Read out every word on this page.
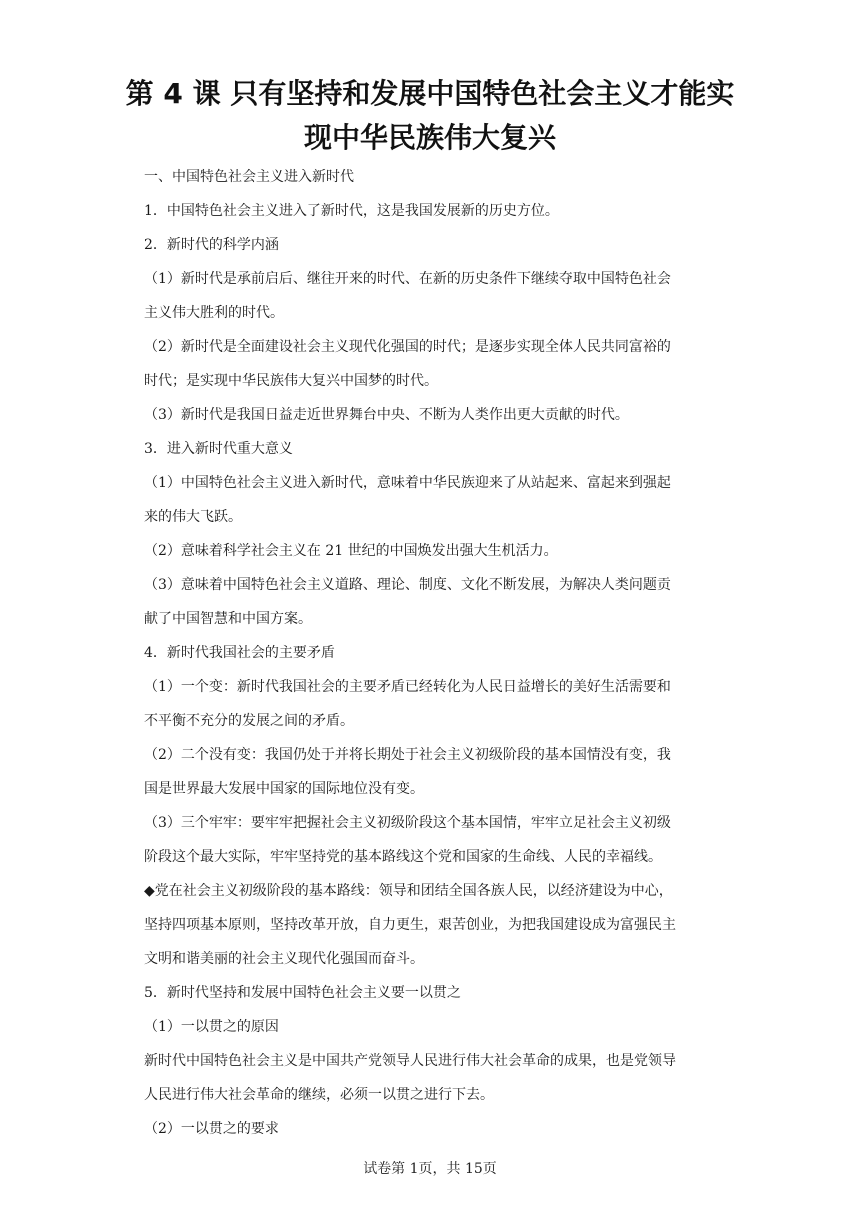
第 4 课 只有坚持和发展中国特色社会主义才能实
现中华民族伟大复兴
一、中国特色社会主义进入新时代
1．中国特色社会主义进入了新时代，这是我国发展新的历史方位。
2．新时代的科学内涵
（1）新时代是承前启后、继往开来的时代、在新的历史条件下继续夺取中国特色社会
主义伟大胜利的时代。
（2）新时代是全面建设社会主义现代化强国的时代；是逐步实现全体人民共同富裕的
时代；是实现中华民族伟大复兴中国梦的时代。
（3）新时代是我国日益走近世界舞台中央、不断为人类作出更大贡献的时代。
3．进入新时代重大意义
（1）中国特色社会主义进入新时代，意味着中华民族迎来了从站起来、富起来到强起
来的伟大飞跃。
（2）意味着科学社会主义在 21 世纪的中国焕发出强大生机活力。
（3）意味着中国特色社会主义道路、理论、制度、文化不断发展，为解决人类问题贡
献了中国智慧和中国方案。
4．新时代我国社会的主要矛盾
（1）一个变：新时代我国社会的主要矛盾已经转化为人民日益增长的美好生活需要和
不平衡不充分的发展之间的矛盾。
（2）二个没有变：我国仍处于并将长期处于社会主义初级阶段的基本国情没有变，我
国是世界最大发展中国家的国际地位没有变。
（3）三个牢牢：要牢牢把握社会主义初级阶段这个基本国情，牢牢立足社会主义初级
阶段这个最大实际，牢牢坚持党的基本路线这个党和国家的生命线、人民的幸福线。
◆党在社会主义初级阶段的基本路线：领导和团结全国各族人民，以经济建设为中心，
坚持四项基本原则，坚持改革开放，自力更生，艰苦创业，为把我国建设成为富强民主
文明和谐美丽的社会主义现代化强国而奋斗。
5．新时代坚持和发展中国特色社会主义要一以贯之
（1）一以贯之的原因
新时代中国特色社会主义是中国共产党领导人民进行伟大社会革命的成果，也是党领导
人民进行伟大社会革命的继续，必须一以贯之进行下去。
（2）一以贯之的要求
试卷第 1页，共 15页
